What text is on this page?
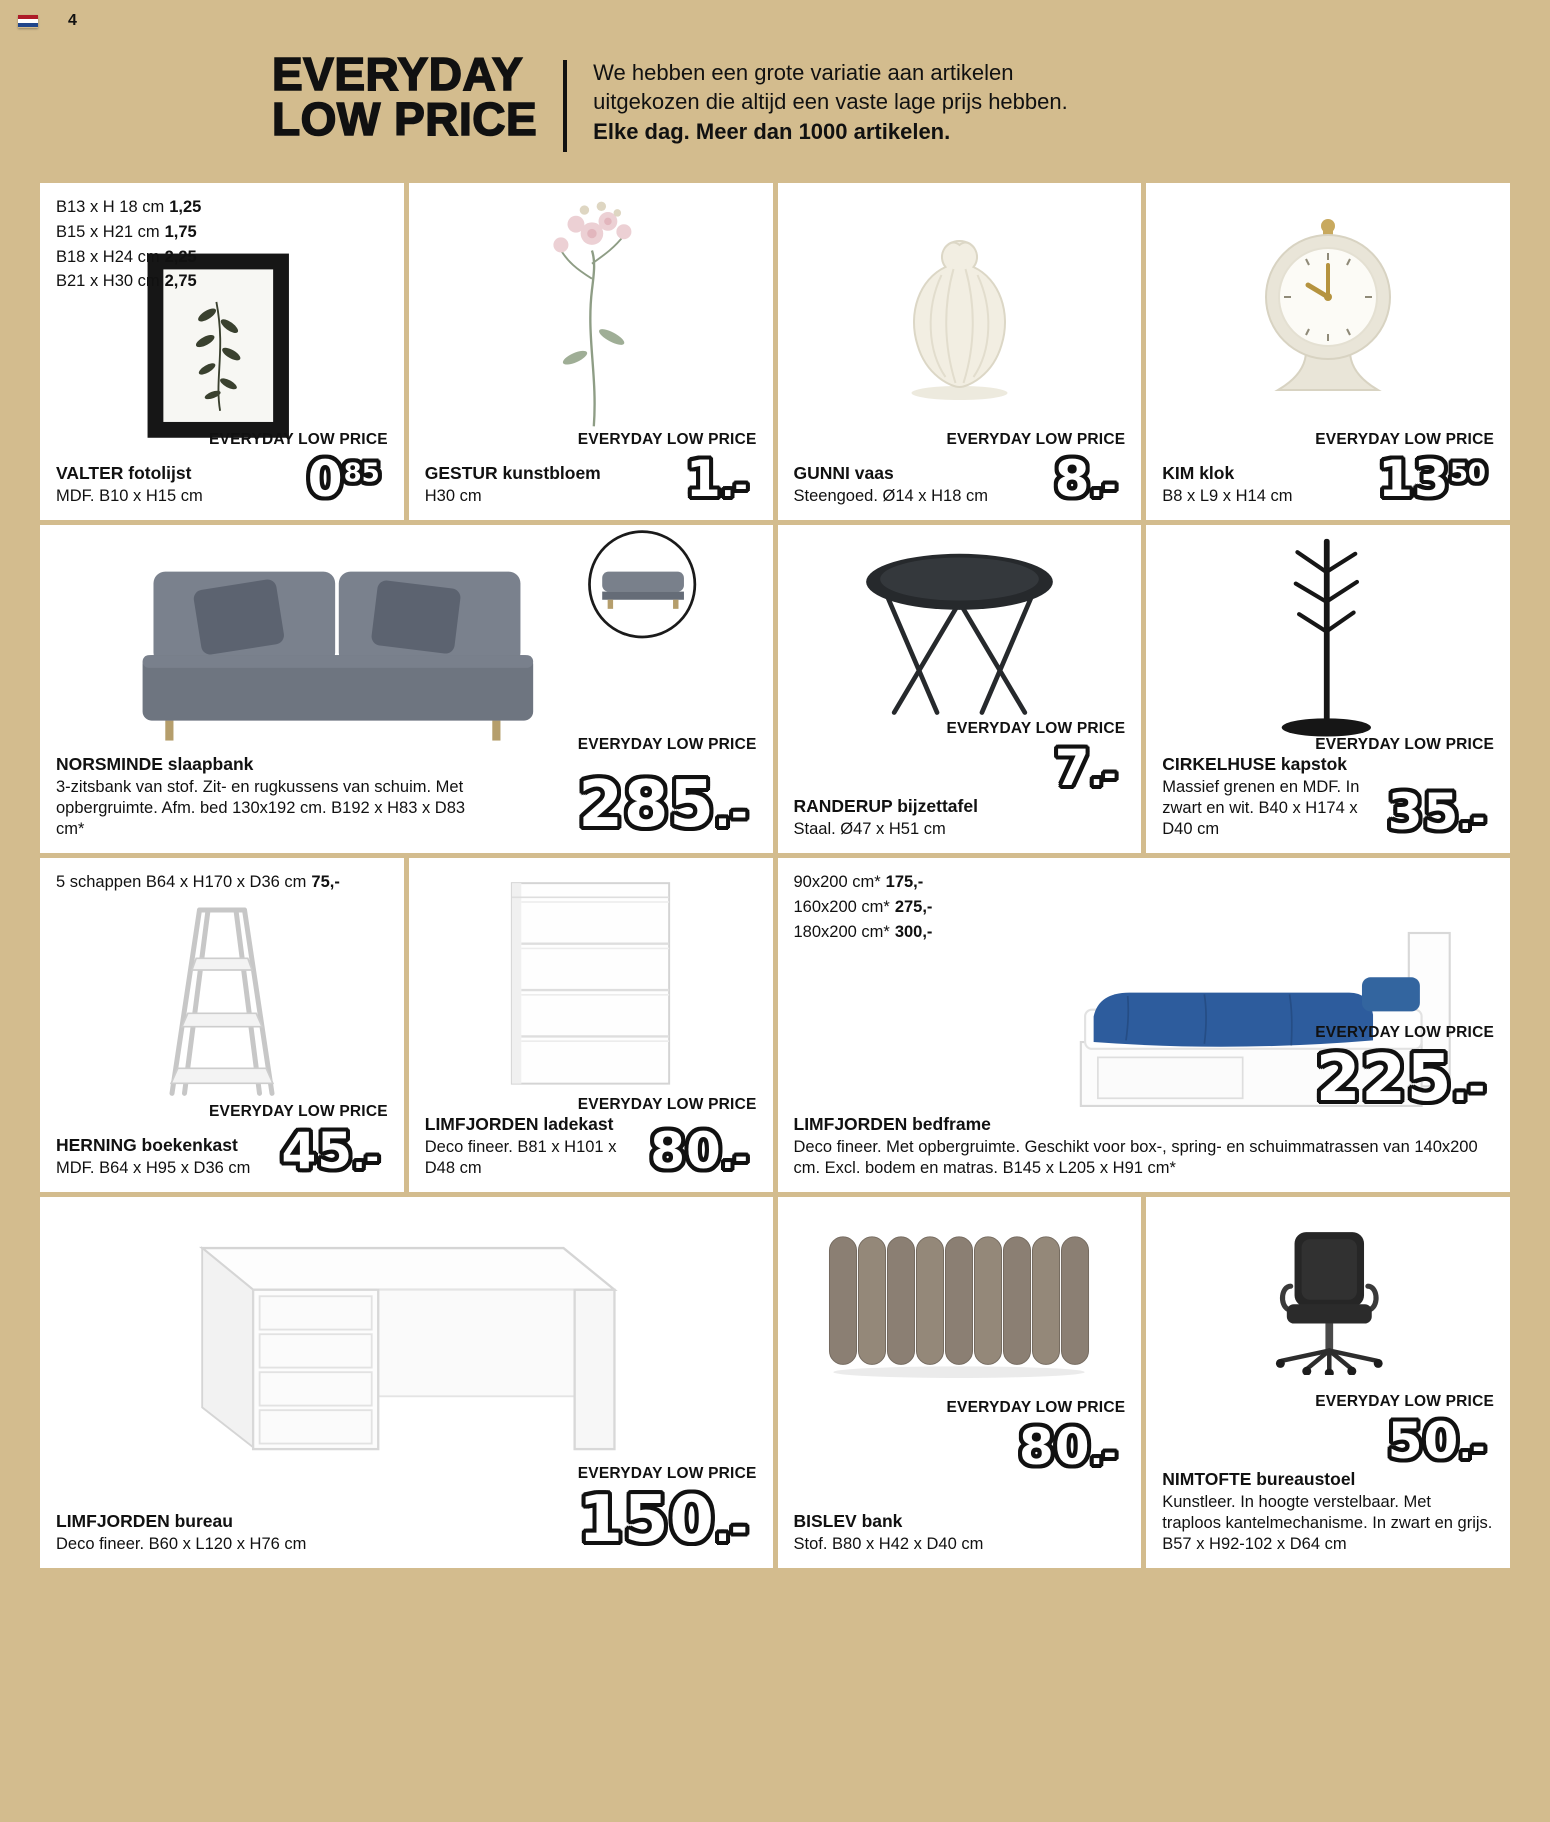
4
EVERYDAY
LOW PRICE
We hebben een grote variatie aan artikelen
uitgekozen die altijd een vaste lage prijs hebben.
Elke dag. Meer dan 1000 artikelen.
B13 x H 18 cm 1,25
B15 x H21 cm 1,75
B18 x H24 cm 2,25
B21 x H30 cm 2,75
EVERYDAY LOW PRICE
VALTER fotolijst
MDF. B10 x H15 cm	$0^{85}$
EVERYDAY LOW PRICE
GESTUR kunstbloem
H30 cm	1.-
EVERYDAY LOW PRICE
GUNNI vaas
Steengoed. Ø14 x H18 cm	8.-
EVERYDAY LOW PRICE
KIM klok
B8 x L9 x H14 cm	$13^{50}$
EVERYDAY LOW PRICE
NORSMINDE slaapbank
3-zitsbank van stof. Zit- en rugkussens van schuim. Met opbergruimte. Afm. bed 130x192 cm. B192 x H83 x D83 cm*	285.-
EVERYDAY LOW PRICE
7.-
RANDERUP bijzettafel
Staal. Ø47 x H51 cm
EVERYDAY LOW PRICE
CIRKELHUSE kapstok
Massief grenen en MDF. In zwart en wit. B40 x H174 x D40 cm	35.-
5 schappen B64 x H170 x D36 cm 75,-
EVERYDAY LOW PRICE
HERNING boekenkast
MDF. B64 x H95 x D36 cm 45.-
EVERYDAY LOW PRICE
LIMFJORDEN ladekast
Deco fineer. B81 x H101 x D48 cm	80.-
90x200 cm* 175,-
160x200 cm* 275,-
180x200 cm* 300,-
EVERYDAY LOW PRICE
225.-
LIMFJORDEN bedframe
Deco fineer. Met opbergruimte. Geschikt voor box-, spring- en schuimmatrassen van 140x200 cm. Excl. bodem en matras. B145 x L205 x H91 cm*
EVERYDAY LOW PRICE
LIMFJORDEN bureau
Deco fineer. B60 x L120 x H76 cm	150.-
EVERYDAY LOW PRICE
80.-
BISLEV bank
Stof. B80 x H42 x D40 cm
EVERYDAY LOW PRICE
50.-
NIMTOFTE bureaustoel
Kunstleer. In hoogte verstelbaar. Met traploos kantelmechanisme. In zwart en grijs. B57 x H92-102 x D64 cm
